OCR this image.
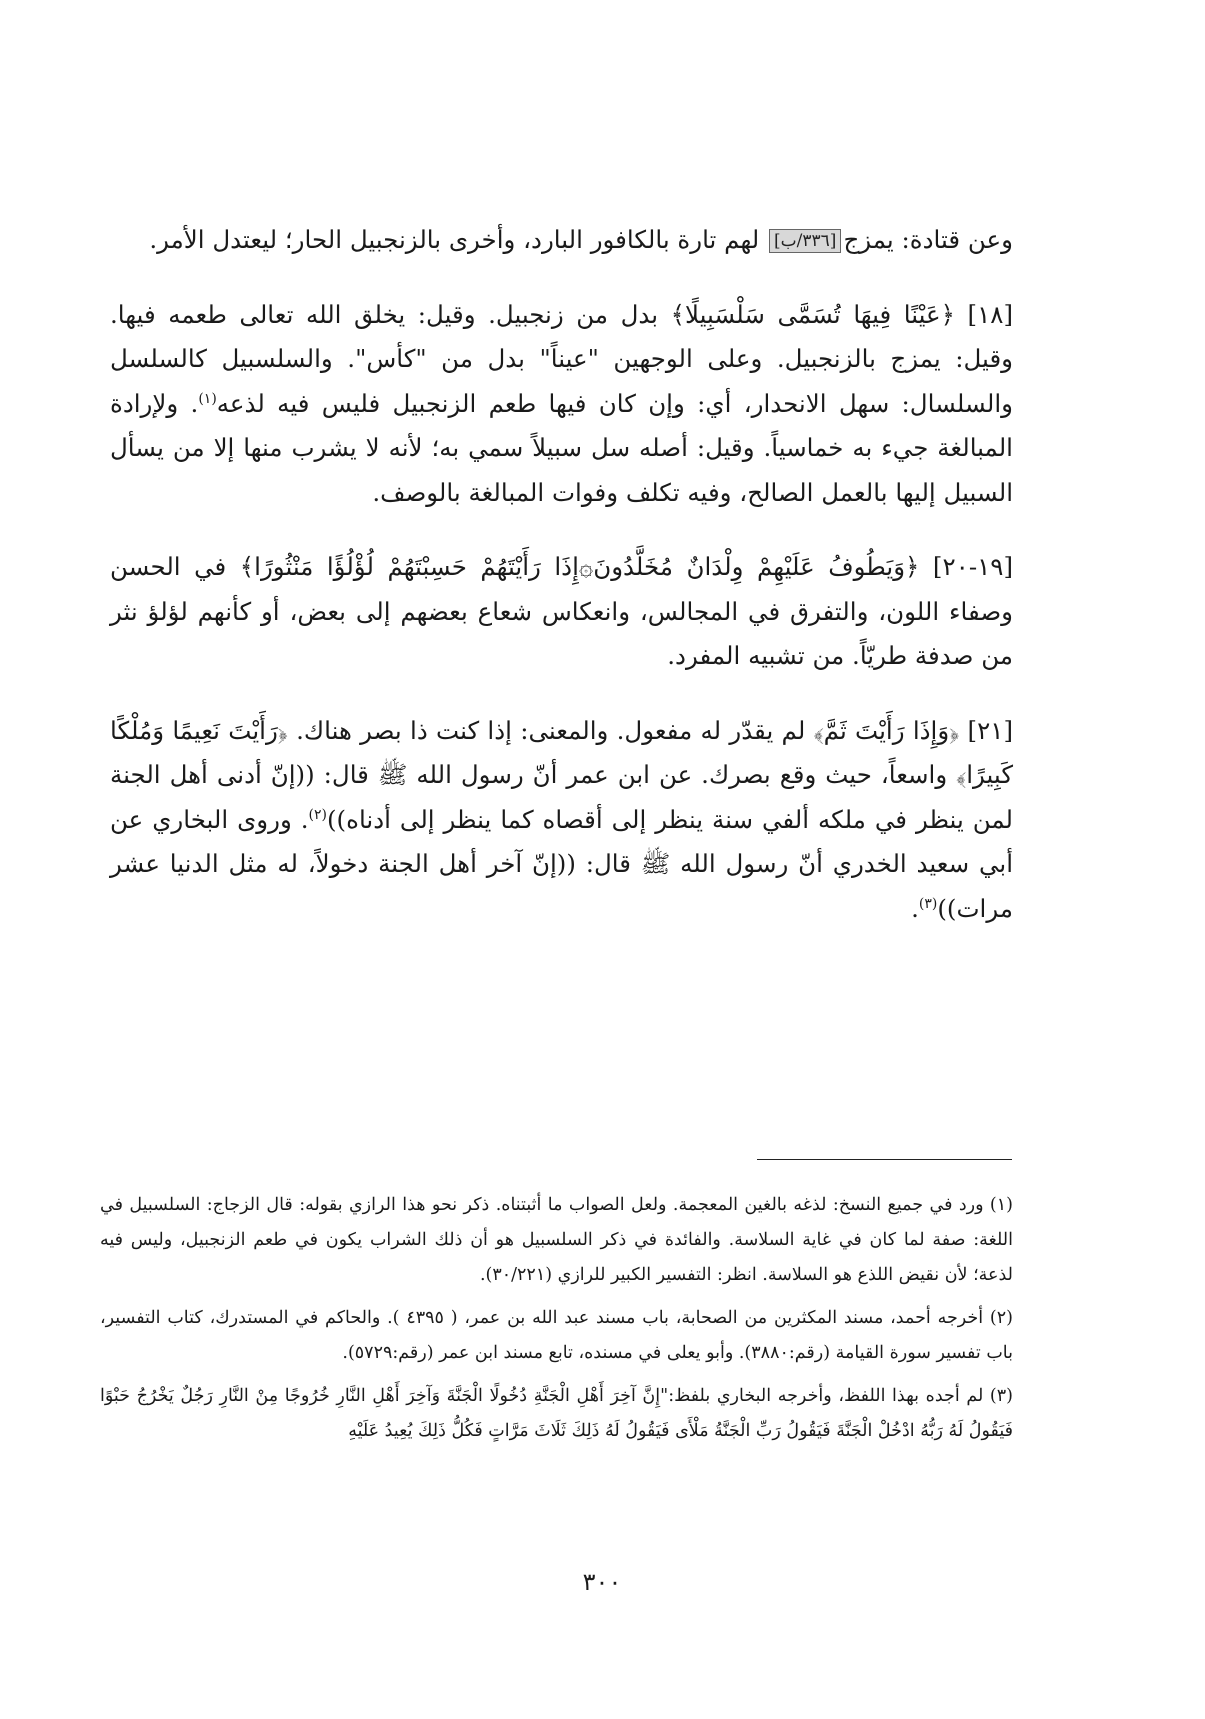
وعن قتادة: يمزج[٣٣٦/ب] لهم تارة بالكافور البارد، وأخرى بالزنجبيل الحار؛ ليعتدل الأمر.

[١٨] ﴿عَيْنًا فِيهَا تُسَمَّى سَلْسَبِيلًا﴾ بدل من زنجبيل. وقيل: يخلق الله تعالى طعمه فيها. وقيل: يمزج بالزنجبيل. وعلى الوجهين "عيناً" بدل من "كأس". والسلسبيل كالسلسل والسلسال: سهل الانحدار، أي: وإن كان فيها طعم الزنجبيل فليس فيه لذعه$^{(١)}$. ولإرادة المبالغة جيء به خماسياً. وقيل: أصله سل سبيلاً سمي به؛ لأنه لا يشرب منها إلا من يسأل السبيل إليها بالعمل الصالح، وفيه تكلف وفوات المبالغة بالوصف.

[١٩-٢٠] ﴿وَيَطُوفُ عَلَيْهِمْ وِلْدَانٌ مُخَلَّدُونَ۞إِذَا رَأَيْتَهُمْ حَسِبْتَهُمْ لُؤْلُؤًا مَنْثُورًا﴾ في الحسن وصفاء اللون، والتفرق في المجالس، وانعكاس شعاع بعضهم إلى بعض، أو كأنهم لؤلؤ نثر من صدفة طريّاً. من تشبيه المفرد.

[٢١] ﴿وَإِذَا رَأَيْتَ ثَمَّ﴾ لم يقدّر له مفعول. والمعنى: إذا كنت ذا بصر هناك. ﴿رَأَيْتَ نَعِيمًا وَمُلْكًا كَبِيرًا﴾ واسعاً، حيث وقع بصرك. عن ابن عمر أنّ رسول الله ﷺ قال: ((إنّ أدنى أهل الجنة لمن ينظر في ملكه ألفي سنة ينظر إلى أقصاه كما ينظر إلى أدناه))$^{(٢)}$. وروى البخاري عن أبي سعيد الخدري أنّ رسول الله ﷺ قال: ((إنّ آخر أهل الجنة دخولاً، له مثل الدنيا عشر مرات))$^{(٣)}$.

(١) ورد في جميع النسخ: لذغه بالغين المعجمة. ولعل الصواب ما أثبتناه. ذكر نحو هذا الرازي بقوله: قال الزجاج: السلسبيل في اللغة: صفة لما كان في غاية السلاسة. والفائدة في ذكر السلسبيل هو أن ذلك الشراب يكون في طعم الزنجبيل، وليس فيه لذعة؛ لأن نقيض اللذع هو السلاسة. انظر: التفسير الكبير للرازي (٣٠/٢٢١).

(٢) أخرجه أحمد، مسند المكثرين من الصحابة، باب مسند عبد الله بن عمر، ( ٤٣٩٥ ). والحاكم في المستدرك، كتاب التفسير، باب تفسير سورة القيامة (رقم:٣٨٨٠). وأبو يعلى في مسنده، تابع مسند ابن عمر (رقم:٥٧٢٩).

(٣) لم أجده بهذا اللفظ، وأخرجه البخاري بلفظ:"إِنَّ آخِرَ أَهْلِ الْجَنَّةِ دُخُولًا الْجَنَّةَ وَآخِرَ أَهْلِ النَّارِ خُرُوجًا مِنْ النَّارِ رَجُلٌ يَخْرُجُ حَبْوًا فَيَقُولُ لَهُ رَبُّهُ ادْخُلْ الْجَنَّةَ فَيَقُولُ رَبِّ الْجَنَّةُ مَلْأَى فَيَقُولُ لَهُ ذَلِكَ ثَلَاثَ مَرَّاتٍ فَكُلُّ ذَلِكَ يُعِيدُ عَلَيْهِ

٣٠٠
